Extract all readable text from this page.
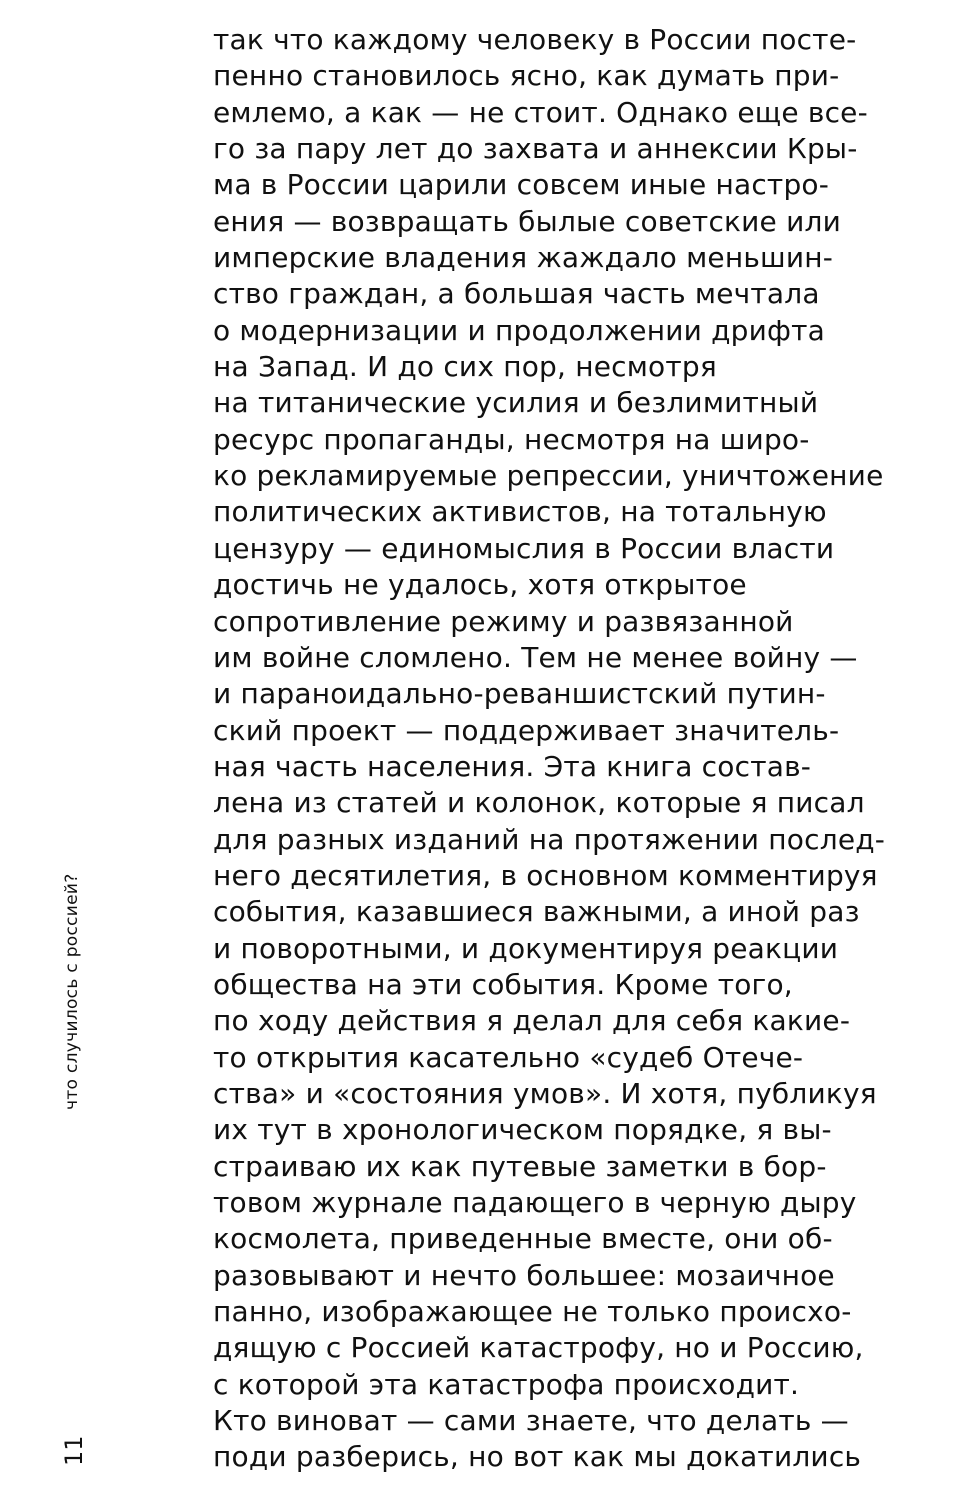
что случилось с россией?
11
так что каждому человеку в России посте-
пенно становилось ясно, как думать при-
емлемо, а как — не стоит. Однако еще все-
го за пару лет до захвата и аннексии Кры-
ма в России царили совсем иные настро-
ения — возвращать былые советские или
имперские владения жаждало меньшин-
ство граждан, а большая часть мечтала
о модернизации и продолжении дрифта
на Запад. И до сих пор, несмотря
на титанические усилия и безлимитный
ресурс пропаганды, несмотря на широ-
ко рекламируемые репрессии, уничтожение
политических активистов, на тотальную
цензуру — единомыслия в России власти
достичь не удалось, хотя открытое
сопротивление режиму и развязанной
им войне сломлено. Тем не менее войну —
и параноидально-реваншистский путин-
ский проект — поддерживает значитель-
ная часть населения. Эта книга состав-
лена из статей и колонок, которые я писал
для разных изданий на протяжении послед-
него десятилетия, в основном комментируя
события, казавшиеся важными, а иной раз
и поворотными, и документируя реакции
общества на эти события. Кроме того,
по ходу действия я делал для себя какие-
то открытия касательно «судеб Отече-
ства» и «состояния умов». И хотя, публикуя
их тут в хронологическом порядке, я вы-
страиваю их как путевые заметки в бор-
товом журнале падающего в черную дыру
космолета, приведенные вместе, они об-
разовывают и нечто большее: мозаичное
панно, изображающее не только происхо-
дящую с Россией катастрофу, но и Россию,
с которой эта катастрофа происходит.
Кто виноват — сами знаете, что делать —
поди разберись, но вот как мы докатились
